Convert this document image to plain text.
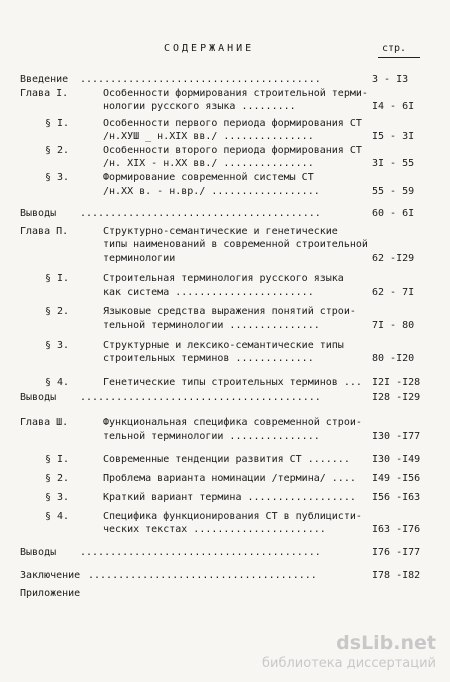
СОДЕРЖАНИЕ	стр.
Введение ........................................	3 - I3
Глава I.	Особенности формирования строительной терми-
нологии русского языка .........	I4 - 6I
§ I.	Особенности первого периода формирования СТ
/н.ХУШ _ н.XIX вв./ ...............	I5 - 3I
§ 2.	Особенности второго периода формирования СТ
/н. XIX - н.XX вв./ ...............	3I - 55
§ 3.	Формирование современной системы СТ
/н.XX в. - н.вр./ ..................	55 - 59
Выводы ........................................	60 - 6I
Глава П.	Структурно-семантические и генетические
типы наименований в современной строительной
терминологии	62 -I29
§ I.	Строительная терминология русского языка
как система .......................	62 - 7I
§ 2.	Языковые средства выражения понятий строи-
тельной терминологии ...............	7I - 80
§ 3.	Структурные и лексико-семантические типы
строительных терминов .............	80 -I20
§ 4.	Генетические типы строительных терминов ... I2I -I28
Выводы ........................................	I28 -I29
Глава Ш.	Функциональная специфика современной строи-
тельной терминологии ...............	I30 -I77
§ I.	Современные тенденции развития СТ ....... I30 -I49
§ 2.	Проблема варианта номинации /термина/ .... I49 -I56
§ 3.	Краткий вариант термина .................. I56 -I63
§ 4.	Специфика функционирования СТ в публицисти-
ческих текстах ......................	I63 -I76
Выводы ........................................	I76 -I77
Заключение ......................................	I78 -I82
Приложение
dsLib.net
библиотека диссертаций
